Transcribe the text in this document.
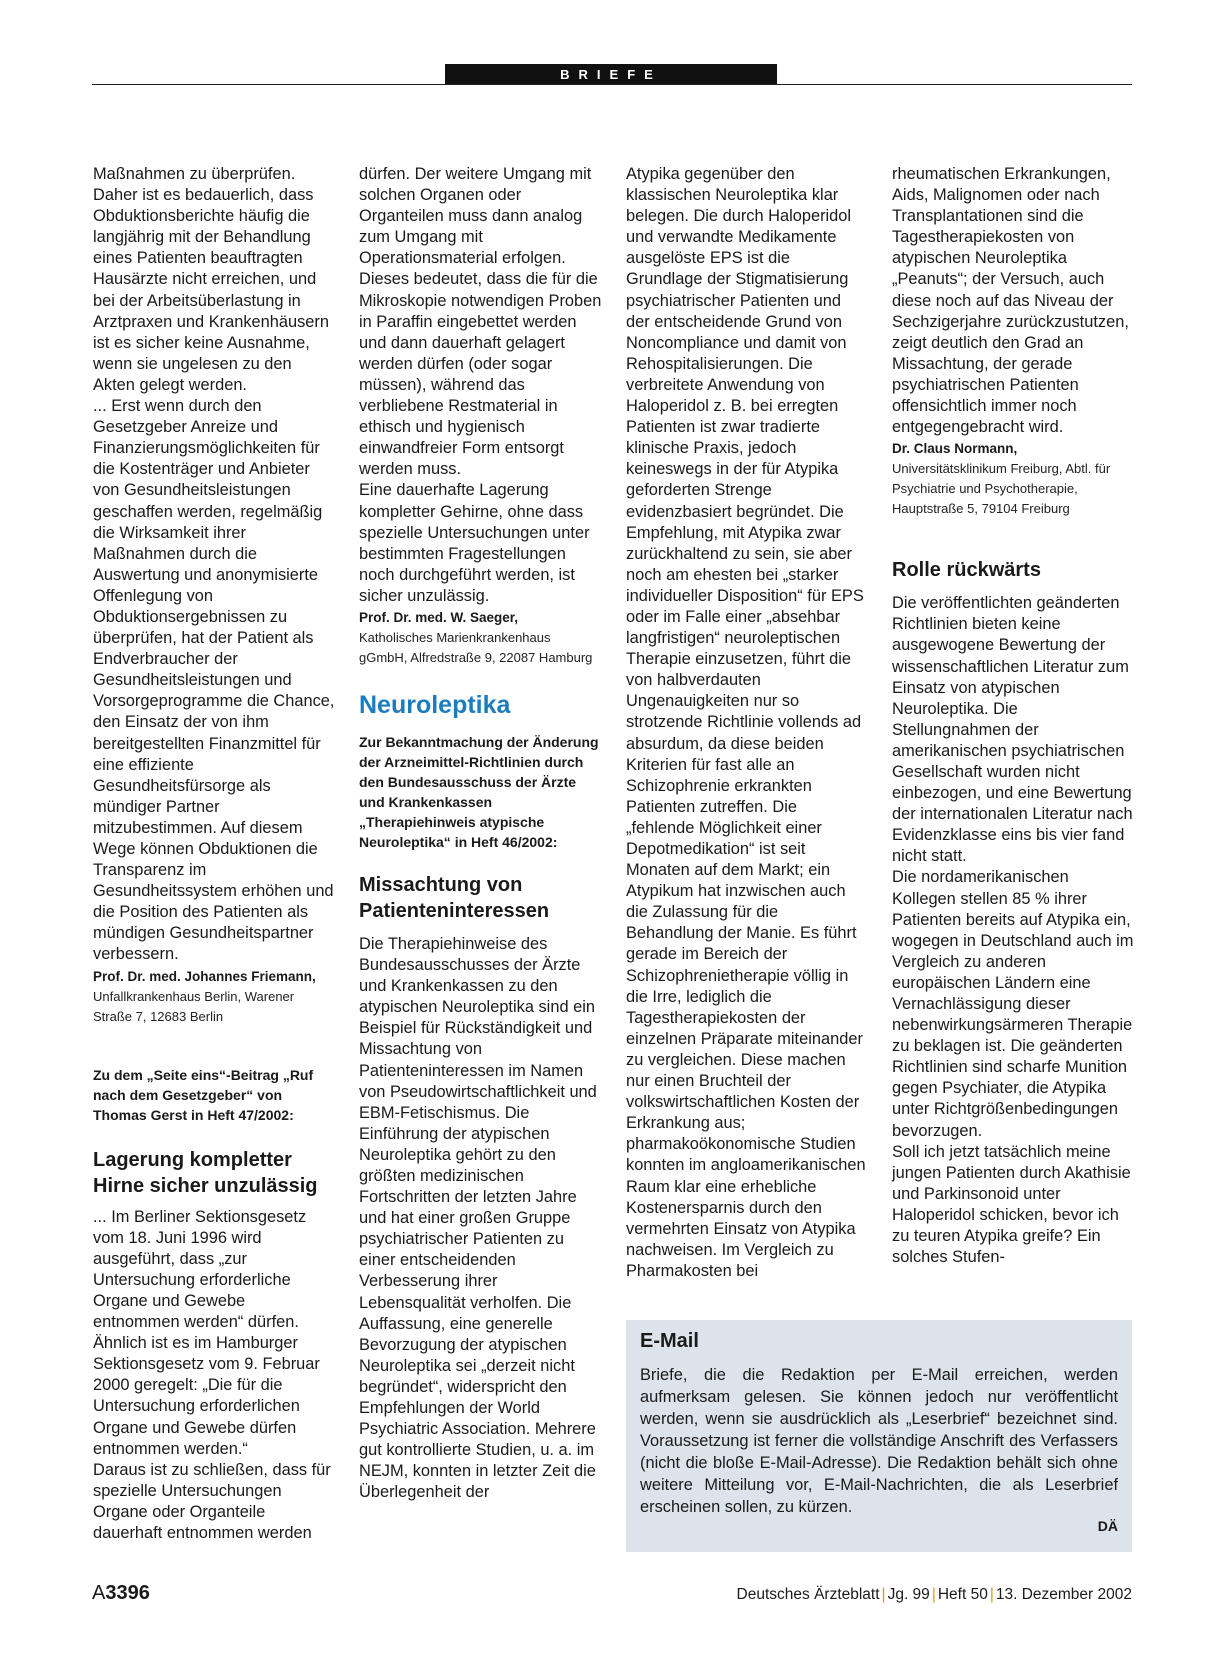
BRIEFE

Maßnahmen zu überprüfen. Daher ist es bedauerlich, dass Obduktionsberichte häufig die langjährig mit der Behandlung eines Patienten beauftragten Hausärzte nicht erreichen, und bei der Arbeitsüberlastung in Arztpraxen und Krankenhäusern ist es sicher keine Ausnahme, wenn sie ungelesen zu den Akten gelegt werden.

... Erst wenn durch den Gesetzgeber Anreize und Finanzierungsmöglichkeiten für die Kostenträger und Anbieter von Gesundheitsleistungen geschaffen werden, regelmäßig die Wirksamkeit ihrer Maßnahmen durch die Auswertung und anonymisierte Offenlegung von Obduktionsergebnissen zu überprüfen, hat der Patient als Endverbraucher der Gesundheitsleistungen und Vorsorgeprogramme die Chance, den Einsatz der von ihm bereitgestellten Finanzmittel für eine effiziente Gesundheitsfürsorge als mündiger Partner mitzubestimmen. Auf diesem Wege können Obduktionen die Transparenz im Gesundheitssystem erhöhen und die Position des Patienten als mündigen Gesundheitspartner verbessern.

Prof. Dr. med. Johannes Friemann,

Unfallkrankenhaus Berlin, Warener Straße 7, 12683 Berlin

Zu dem „Seite eins“-Beitrag „Ruf nach dem Gesetzgeber“ von Thomas Gerst in Heft 47/2002:

Lagerung kompletter Hirne sicher unzulässig

... Im Berliner Sektionsgesetz vom 18. Juni 1996 wird ausgeführt, dass „zur Untersuchung erforderliche Organe und Gewebe entnommen werden“ dürfen. Ähnlich ist es im Hamburger Sektionsgesetz vom 9. Februar 2000 geregelt: „Die für die Untersuchung erforderlichen Organe und Gewebe dürfen entnommen werden.“

Daraus ist zu schließen, dass für spezielle Untersuchungen Organe oder Organteile dauerhaft entnommen werden

dürfen. Der weitere Umgang mit solchen Organen oder Organteilen muss dann analog zum Umgang mit Operationsmaterial erfolgen. Dieses bedeutet, dass die für die Mikroskopie notwendigen Proben in Paraffin eingebettet werden und dann dauerhaft gelagert werden dürfen (oder sogar müssen), während das verbliebene Restmaterial in ethisch und hygienisch einwandfreier Form entsorgt werden muss.

Eine dauerhafte Lagerung kompletter Gehirne, ohne dass spezielle Untersuchungen unter bestimmten Fragestellungen noch durchgeführt werden, ist sicher unzulässig.

Prof. Dr. med. W. Saeger,

Katholisches Marienkrankenhaus gGmbH, Alfredstraße 9, 22087 Hamburg

Neuroleptika

Zur Bekanntmachung der Änderung der Arzneimittel-Richtlinien durch den Bundesausschuss der Ärzte und Krankenkassen „Therapiehinweis atypische Neuroleptika“ in Heft 46/2002:

Missachtung von Patienteninteressen

Die Therapiehinweise des Bundesausschusses der Ärzte und Krankenkassen zu den atypischen Neuroleptika sind ein Beispiel für Rückständigkeit und Missachtung von Patienteninteressen im Namen von Pseudowirtschaftlichkeit und EBM-Fetischismus. Die Einführung der atypischen Neuroleptika gehört zu den größten medizinischen Fortschritten der letzten Jahre und hat einer großen Gruppe psychiatrischer Patienten zu einer entscheidenden Verbesserung ihrer Lebensqualität verholfen. Die Auffassung, eine generelle Bevorzugung der atypischen Neuroleptika sei „derzeit nicht begründet“, widerspricht den Empfehlungen der World Psychiatric Association. Mehrere gut kontrollierte Studien, u. a. im NEJM, konnten in letzter Zeit die Überlegenheit der

Atypika gegenüber den klassischen Neuroleptika klar belegen. Die durch Haloperidol und verwandte Medikamente ausgelöste EPS ist die Grundlage der Stigmatisierung psychiatrischer Patienten und der entscheidende Grund von Noncompliance und damit von Rehospitalisierungen. Die verbreitete Anwendung von Haloperidol z. B. bei erregten Patienten ist zwar tradierte klinische Praxis, jedoch keineswegs in der für Atypika geforderten Strenge evidenzbasiert begründet. Die Empfehlung, mit Atypika zwar zurückhaltend zu sein, sie aber noch am ehesten bei „starker individueller Disposition“ für EPS oder im Falle einer „absehbar langfristigen“ neuroleptischen Therapie einzusetzen, führt die von halbverdauten Ungenauigkeiten nur so strotzende Richtlinie vollends ad absurdum, da diese beiden Kriterien für fast alle an Schizophrenie erkrankten Patienten zutreffen. Die „fehlende Möglichkeit einer Depotmedikation“ ist seit Monaten auf dem Markt; ein Atypikum hat inzwischen auch die Zulassung für die Behandlung der Manie. Es führt gerade im Bereich der Schizophrenietherapie völlig in die Irre, lediglich die Tagestherapiekosten der einzelnen Präparate miteinander zu vergleichen. Diese machen nur einen Bruchteil der volkswirtschaftlichen Kosten der Erkrankung aus; pharmakoökonomische Studien konnten im angloamerikanischen Raum klar eine erhebliche Kostenersparnis durch den vermehrten Einsatz von Atypika nachweisen. Im Vergleich zu Pharmakosten bei

rheumatischen Erkrankungen, Aids, Malignomen oder nach Transplantationen sind die Tagestherapiekosten von atypischen Neuroleptika „Peanuts“; der Versuch, auch diese noch auf das Niveau der Sechzigerjahre zurückzustutzen, zeigt deutlich den Grad an Missachtung, der gerade psychiatrischen Patienten offensichtlich immer noch entgegengebracht wird.

Dr. Claus Normann,

Universitätsklinikum Freiburg, Abtl. für Psychiatrie und Psychotherapie, Hauptstraße 5, 79104 Freiburg

Rolle rückwärts

Die veröffentlichten geänderten Richtlinien bieten keine ausgewogene Bewertung der wissenschaftlichen Literatur zum Einsatz von atypischen Neuroleptika. Die Stellungnahmen der amerikanischen psychiatrischen Gesellschaft wurden nicht einbezogen, und eine Bewertung der internationalen Literatur nach Evidenzklasse eins bis vier fand nicht statt.

Die nordamerikanischen Kollegen stellen 85 % ihrer Patienten bereits auf Atypika ein, wogegen in Deutschland auch im Vergleich zu anderen europäischen Ländern eine Vernachlässigung dieser nebenwirkungsärmeren Therapie zu beklagen ist. Die geänderten Richtlinien sind scharfe Munition gegen Psychiater, die Atypika unter Richtgrößenbedingungen bevorzugen.

Soll ich jetzt tatsächlich meine jungen Patienten durch Akathisie und Parkinsonoid unter Haloperidol schicken, bevor ich zu teuren Atypika greife? Ein solches Stufen-

E-Mail

Briefe, die die Redaktion per E-Mail erreichen, werden aufmerksam gelesen. Sie können jedoch nur veröffentlicht werden, wenn sie ausdrücklich als „Leserbrief“ bezeichnet sind. Voraussetzung ist ferner die vollständige Anschrift des Verfassers (nicht die bloße E-Mail-Adresse). Die Redaktion behält sich ohne weitere Mitteilung vor, E-Mail-Nachrichten, die als Leserbrief erscheinen sollen, zu kürzen.

DÄ
A3396	Deutsches Ärzteblatt | Jg. 99 | Heft 50 | 13. Dezember 2002
